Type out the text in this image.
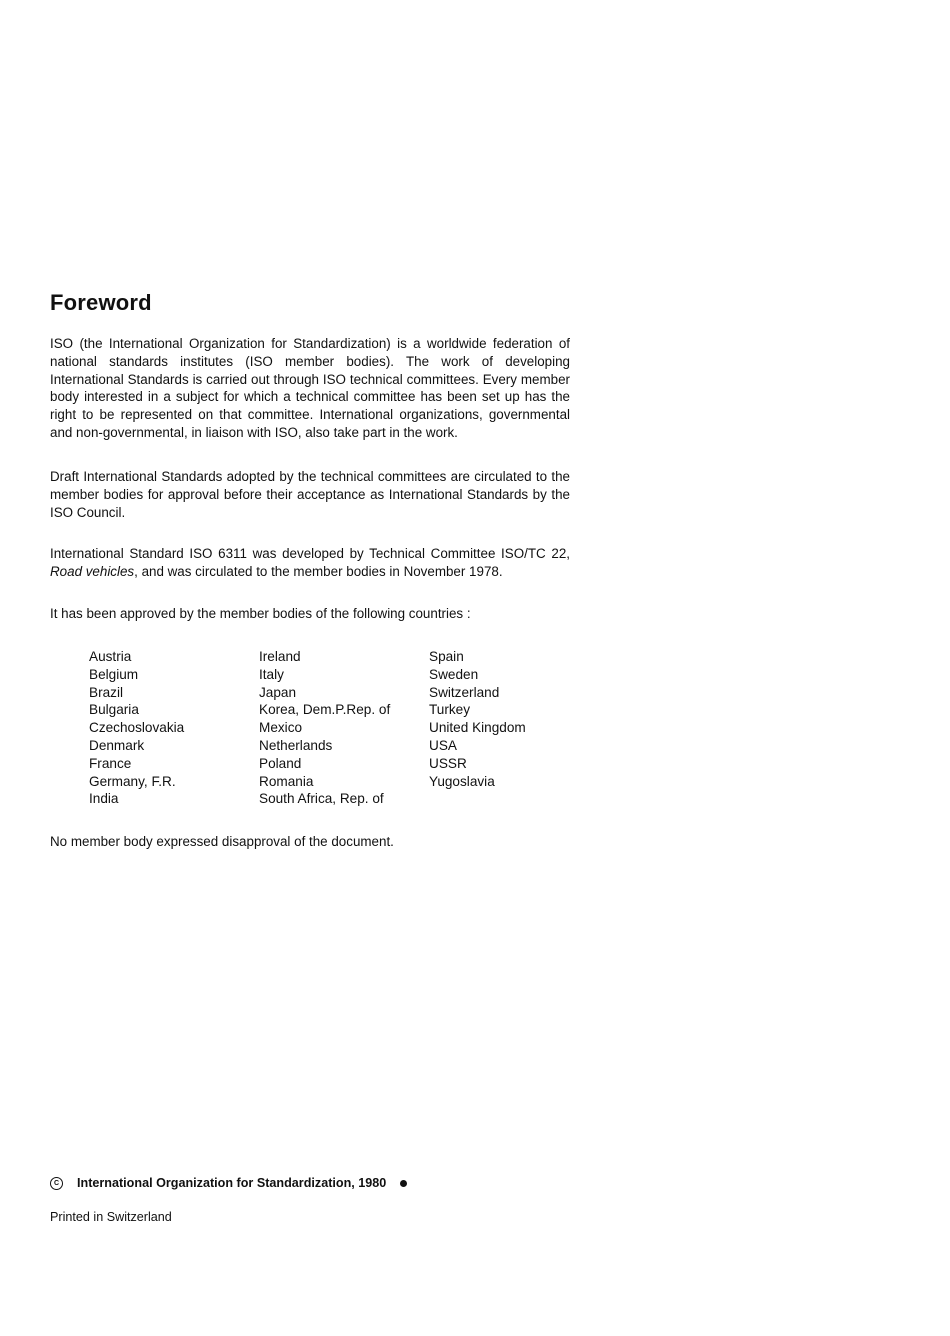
Foreword

ISO (the International Organization for Standardization) is a worldwide federation of national standards institutes (ISO member bodies). The work of developing International Standards is carried out through ISO technical committees. Every member body interested in a subject for which a technical committee has been set up has the right to be represented on that committee. International organizations, governmental and non-governmental, in liaison with ISO, also take part in the work.

Draft International Standards adopted by the technical committees are circulated to the member bodies for approval before their acceptance as International Standards by the ISO Council.

International Standard ISO 6311 was developed by Technical Committee ISO/TC 22, Road vehicles, and was circulated to the member bodies in November 1978.

It has been approved by the member bodies of the following countries :

Austria
Belgium
Brazil
Bulgaria
Czechoslovakia
Denmark
France
Germany, F.R.
India
Ireland
Italy
Japan
Korea, Dem.P.Rep. of
Mexico
Netherlands
Poland
Romania
South Africa, Rep. of
Spain
Sweden
Switzerland
Turkey
United Kingdom
USA
USSR
Yugoslavia

No member body expressed disapproval of the document.

C	International Organization for Standardization, 1980
Printed in Switzerland
